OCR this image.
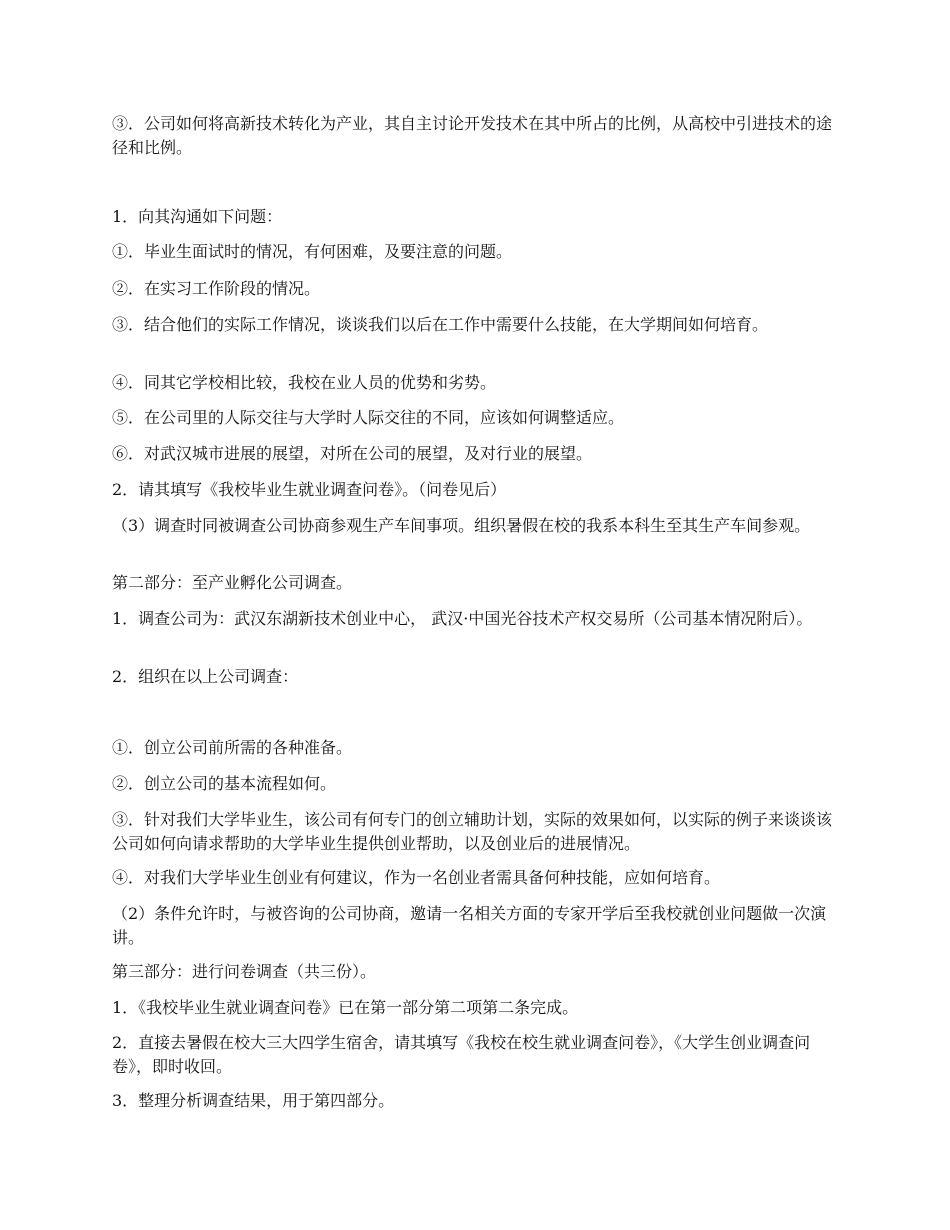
③．公司如何将高新技术转化为产业，其自主讨论开发技术在其中所占的比例，从高校中引进技术的途径和比例。

1．向其沟通如下问题：

①．毕业生面试时的情况，有何困难，及要注意的问题。

②．在实习工作阶段的情况。

③．结合他们的实际工作情况，谈谈我们以后在工作中需要什么技能，在大学期间如何培育。

④．同其它学校相比较，我校在业人员的优势和劣势。

⑤．在公司里的人际交往与大学时人际交往的不同，应该如何调整适应。

⑥．对武汉城市进展的展望，对所在公司的展望，及对行业的展望。

2．请其填写《我校毕业生就业调查问卷》。（问卷见后）

（3）调查时同被调查公司协商参观生产车间事项。组织暑假在校的我系本科生至其生产车间参观。

第二部分：至产业孵化公司调查。

1．调查公司为：武汉东湖新技术创业中心， 武汉·中国光谷技术产权交易所（公司基本情况附后）。

2．组织在以上公司调查：

①．创立公司前所需的各种准备。

②．创立公司的基本流程如何。

③．针对我们大学毕业生，该公司有何专门的创立辅助计划，实际的效果如何，以实际的例子来谈谈该公司如何向请求帮助的大学毕业生提供创业帮助，以及创业后的进展情况。

④．对我们大学毕业生创业有何建议，作为一名创业者需具备何种技能，应如何培育。

（2）条件允许时，与被咨询的公司协商，邀请一名相关方面的专家开学后至我校就创业问题做一次演讲。

第三部分：进行问卷调查（共三份）。

1．《我校毕业生就业调查问卷》已在第一部分第二项第二条完成。

2．直接去暑假在校大三大四学生宿舍，请其填写《我校在校生就业调查问卷》，《大学生创业调查问卷》，即时收回。

3．整理分析调查结果，用于第四部分。
